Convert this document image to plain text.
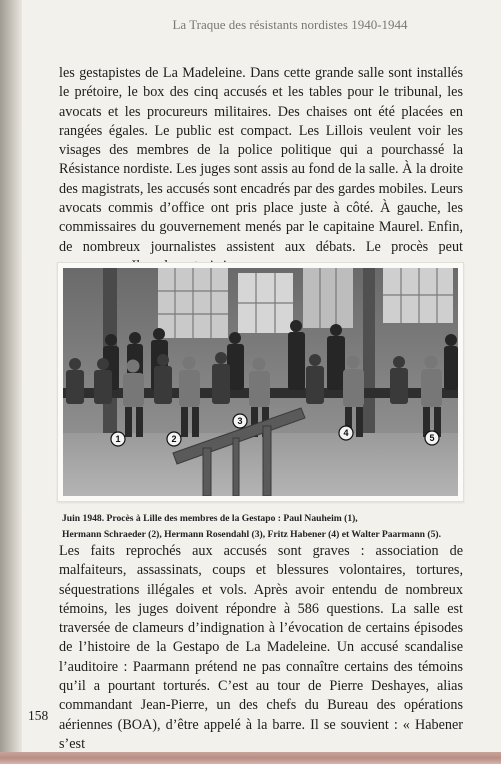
La Traque des résistants nordistes 1940-1944

les gestapistes de La Madeleine. Dans cette grande salle sont installés le prétoire, le box des cinq accusés et les tables pour le tribunal, les avocats et les procureurs militaires. Des chaises ont été placées en rangées égales. Le public est compact. Les Lillois veulent voir les visages des membres de la police politique qui a pourchassé la Résistance nordiste. Les juges sont assis au fond de la salle. À la droite des magistrats, les accusés sont encadrés par des gardes mobiles. Leurs avocats commis d’office ont pris place juste à côté. À gauche, les commissaires du gouvernement menés par le capitaine Maurel. Enfin, de nombreux journalistes assistent aux débats. Le procès peut

1	2
3
4	5
Juin 1948. Procès à Lille des membres de la Gestapo : Paul Nauheim (1),
Hermann Schraeder (2), Hermann Rosendahl (3), Fritz Habener (4) et Walter Paarmann (5).

Les faits reprochés aux accusés sont graves : association de malfaiteurs, assassinats, coups et blessures volontaires, tortures, séquestrations illégales et vols. Après avoir entendu de nombreux témoins, les juges doivent répondre à 586 questions. La salle est traversée de clameurs d’indignation à l’évocation de certains épisodes de l’histoire de la Gestapo de La Madeleine. Un accusé scandalise l’auditoire : Paarmann prétend ne pas connaître certains des témoins qu’il a pourtant torturés. C’est au tour de Pierre Deshayes, alias commandant Jean-Pierre, un des chefs du Bureau des opérations aériennes (BOA), d’être appelé à la barre. Il se souvient : « Habener s’est

158
